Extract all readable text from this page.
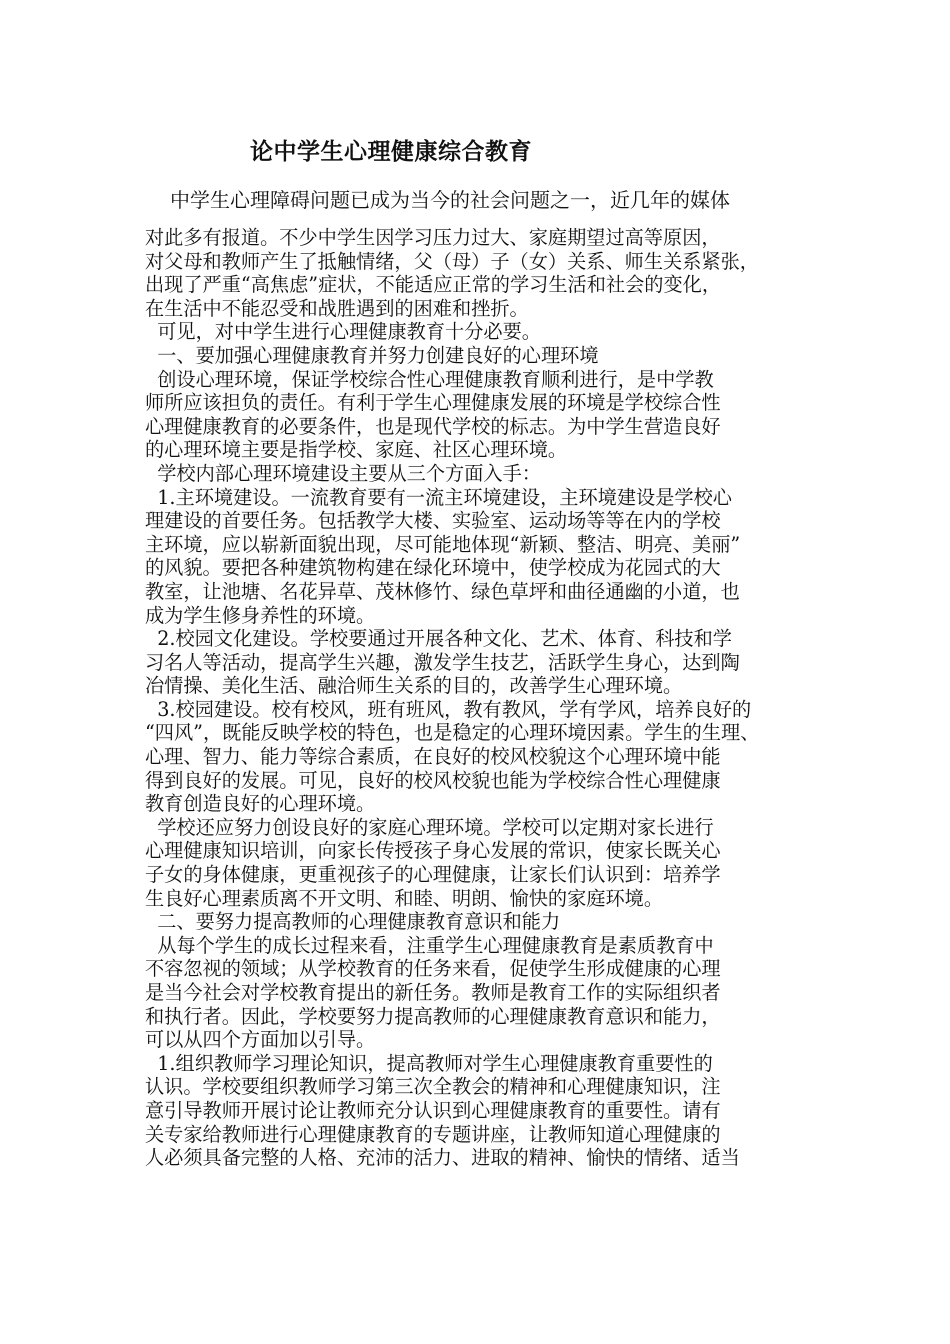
论中学生心理健康综合教育

中学生心理障碍问题已成为当今的社会问题之一，近几年的媒体

对此多有报道。不少中学生因学习压力过大、家庭期望过高等原因，
对父母和教师产生了抵触情绪，父（母）子（女）关系、师生关系紧张，
出现了严重“高焦虑”症状，不能适应正常的学习生活和社会的变化，
在生活中不能忍受和战胜遇到的困难和挫折。
可见，对中学生进行心理健康教育十分必要。
一、要加强心理健康教育并努力创建良好的心理环境
创设心理环境，保证学校综合性心理健康教育顺利进行，是中学教
师所应该担负的责任。有利于学生心理健康发展的环境是学校综合性
心理健康教育的必要条件，也是现代学校的标志。为中学生营造良好
的心理环境主要是指学校、家庭、社区心理环境。
学校内部心理环境建设主要从三个方面入手：
1.主环境建设。一流教育要有一流主环境建设，主环境建设是学校心
理建设的首要任务。包括教学大楼、实验室、运动场等等在内的学校
主环境，应以崭新面貌出现，尽可能地体现“新颖、整洁、明亮、美丽”
的风貌。要把各种建筑物构建在绿化环境中，使学校成为花园式的大
教室，让池塘、名花异草、茂林修竹、绿色草坪和曲径通幽的小道，也
成为学生修身养性的环境。
2.校园文化建设。学校要通过开展各种文化、艺术、体育、科技和学
习名人等活动，提高学生兴趣，激发学生技艺，活跃学生身心，达到陶
冶情操、美化生活、融洽师生关系的目的，改善学生心理环境。
3.校园建设。校有校风，班有班风，教有教风，学有学风，培养良好的
“四风”，既能反映学校的特色，也是稳定的心理环境因素。学生的生理、
心理、智力、能力等综合素质，在良好的校风校貌这个心理环境中能
得到良好的发展。可见，良好的校风校貌也能为学校综合性心理健康
教育创造良好的心理环境。
学校还应努力创设良好的家庭心理环境。学校可以定期对家长进行
心理健康知识培训，向家长传授孩子身心发展的常识，使家长既关心
子女的身体健康，更重视孩子的心理健康，让家长们认识到：培养学
生良好心理素质离不开文明、和睦、明朗、愉快的家庭环境。
二、要努力提高教师的心理健康教育意识和能力
从每个学生的成长过程来看，注重学生心理健康教育是素质教育中
不容忽视的领域；从学校教育的任务来看，促使学生形成健康的心理
是当今社会对学校教育提出的新任务。教师是教育工作的实际组织者
和执行者。因此，学校要努力提高教师的心理健康教育意识和能力，
可以从四个方面加以引导。
1.组织教师学习理论知识，提高教师对学生心理健康教育重要性的
认识。学校要组织教师学习第三次全教会的精神和心理健康知识，注
意引导教师开展讨论让教师充分认识到心理健康教育的重要性。请有
关专家给教师进行心理健康教育的专题讲座，让教师知道心理健康的
人必须具备完整的人格、充沛的活力、进取的精神、愉快的情绪、适当
